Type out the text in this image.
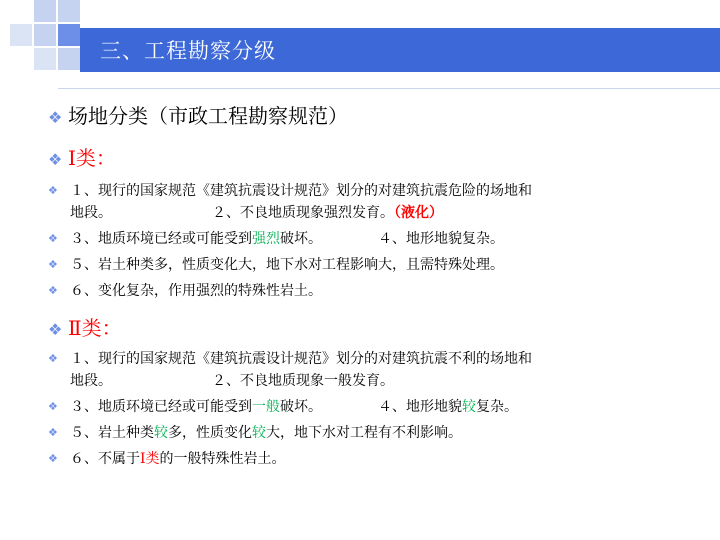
三、工程勘察分级
❖ 场地分类（市政工程勘察规范）
❖ Ⅰ类：
❖ １、现行的国家规范《建筑抗震设计规范》划分的对建筑抗震危险的场地和
地段。	２、不良地质现象强烈发育。（液化）
❖ ３、地质环境已经或可能受到强烈破坏。	４、地形地貌复杂。
❖ ５、岩土种类多，性质变化大，地下水对工程影响大，且需特殊处理。
❖ ６、变化复杂，作用强烈的特殊性岩土。
❖ Ⅱ类：
❖ １、现行的国家规范《建筑抗震设计规范》划分的对建筑抗震不利的场地和
地段。	２、不良地质现象一般发育。
❖ ３、地质环境已经或可能受到一般破坏。	４、地形地貌较复杂。
❖ ５、岩土种类较多，性质变化较大，地下水对工程有不利影响。
❖ ６、不属于Ⅰ类的一般特殊性岩土。
